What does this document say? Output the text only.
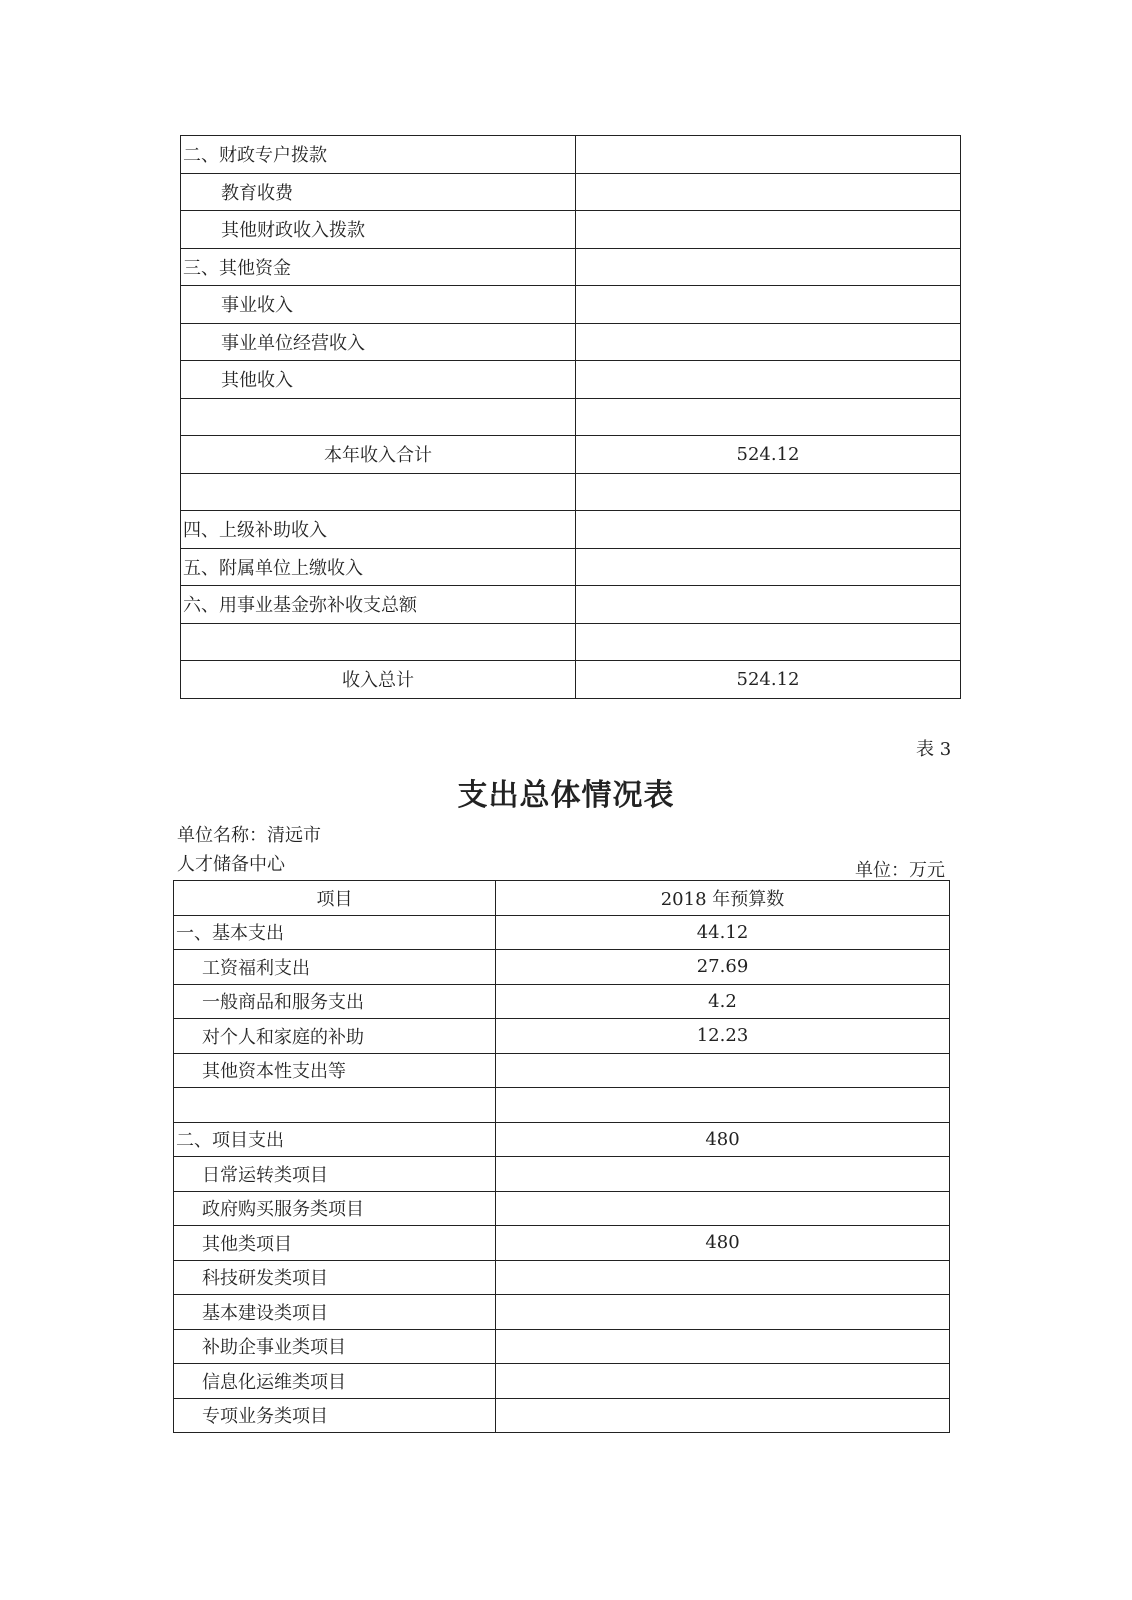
二、财政专户拨款	
教育收费	
其他财政收入拨款	
三、其他资金	
事业收入	
事业单位经营收入	
其他收入	

本年收入合计	524.12

四、上级补助收入	
五、附属单位上缴收入	
六、用事业基金弥补收支总额	

收入总计	524.12
表 3
支出总体情况表
单位名称：清远市
人才储备中心	单位：万元
项目	2018 年预算数
一、基本支出	44.12
工资福利支出	27.69
一般商品和服务支出	4.2
对个人和家庭的补助	12.23
其他资本性支出等	

二、项目支出	480
日常运转类项目	
政府购买服务类项目	
其他类项目	480
科技研发类项目	
基本建设类项目	
补助企事业类项目	
信息化运维类项目	
专项业务类项目	
